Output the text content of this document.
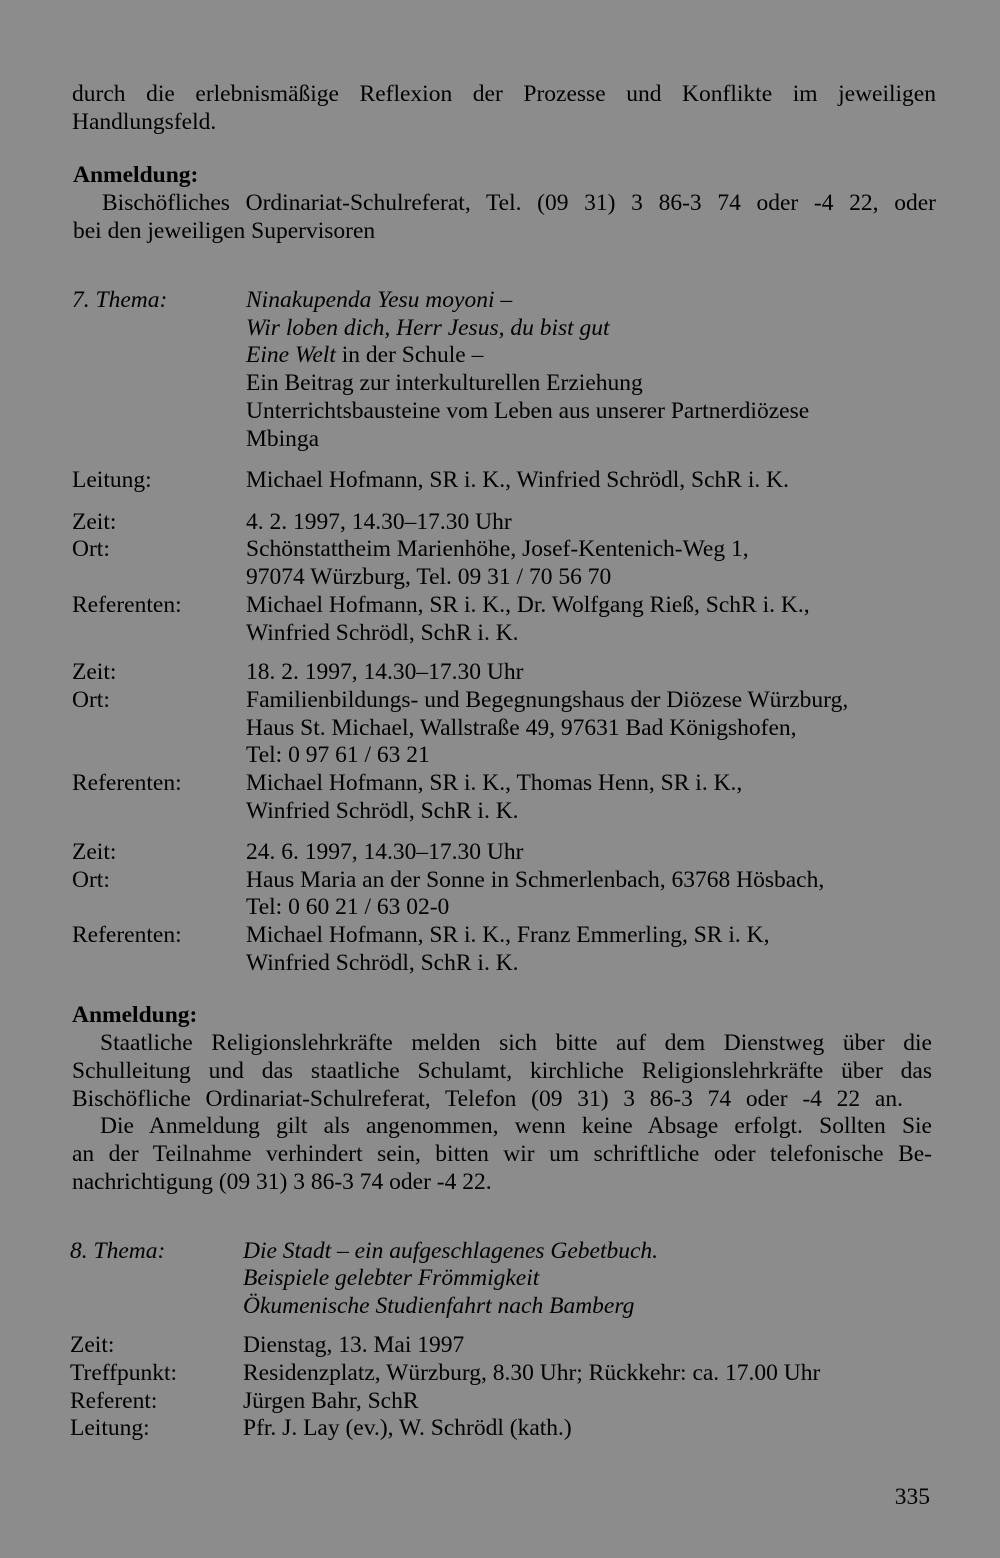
durch die erlebnismäßige Reflexion der Prozesse und Konflikte im jeweiligen
Handlungsfeld.
Anmeldung:
Bischöfliches Ordinariat-Schulreferat, Tel. (09 31) 3 86-3 74 oder -4 22, oder
bei den jeweiligen Supervisoren
7. Thema:	Ninakupenda Yesu moyoni –
Wir loben dich, Herr Jesus, du bist gut
Eine Welt in der Schule –
Ein Beitrag zur interkulturellen Erziehung
Unterrichtsbausteine vom Leben aus unserer Partnerdiözese
Mbinga
Leitung:	Michael Hofmann, SR i. K., Winfried Schrödl, SchR i. K.
Zeit:	4. 2. 1997, 14.30–17.30 Uhr
Ort:	Schönstattheim Marienhöhe, Josef-Kentenich-Weg 1,
97074 Würzburg, Tel. 09 31 / 70 56 70
Referenten:	Michael Hofmann, SR i. K., Dr. Wolfgang Rieß, SchR i. K.,
Winfried Schrödl, SchR i. K.
Zeit:	18. 2. 1997, 14.30–17.30 Uhr
Ort:	Familienbildungs- und Begegnungshaus der Diözese Würzburg,
Haus St. Michael, Wallstraße 49, 97631 Bad Königshofen,
Tel: 0 97 61 / 63 21
Referenten:	Michael Hofmann, SR i. K., Thomas Henn, SR i. K.,
Winfried Schrödl, SchR i. K.
Zeit:	24. 6. 1997, 14.30–17.30 Uhr
Ort:	Haus Maria an der Sonne in Schmerlenbach, 63768 Hösbach,
Tel: 0 60 21 / 63 02-0
Referenten:	Michael Hofmann, SR i. K., Franz Emmerling, SR i. K,
Winfried Schrödl, SchR i. K.
Anmeldung:
Staatliche Religionslehrkräfte melden sich bitte auf dem Dienstweg über die
Schulleitung und das staatliche Schulamt, kirchliche Religionslehrkräfte über das
Bischöfliche Ordinariat-Schulreferat, Telefon (09 31) 3 86-3 74 oder -4 22 an.
Die Anmeldung gilt als angenommen, wenn keine Absage erfolgt. Sollten Sie
an der Teilnahme verhindert sein, bitten wir um schriftliche oder telefonische Be-
nachrichtigung (09 31) 3 86-3 74 oder -4 22.
8. Thema:	Die Stadt – ein aufgeschlagenes Gebetbuch.
Beispiele gelebter Frömmigkeit
Ökumenische Studienfahrt nach Bamberg
Zeit:	Dienstag, 13. Mai 1997
Treffpunkt:	Residenzplatz, Würzburg, 8.30 Uhr; Rückkehr: ca. 17.00 Uhr
Referent:	Jürgen Bahr, SchR
Leitung:	Pfr. J. Lay (ev.), W. Schrödl (kath.)
335
